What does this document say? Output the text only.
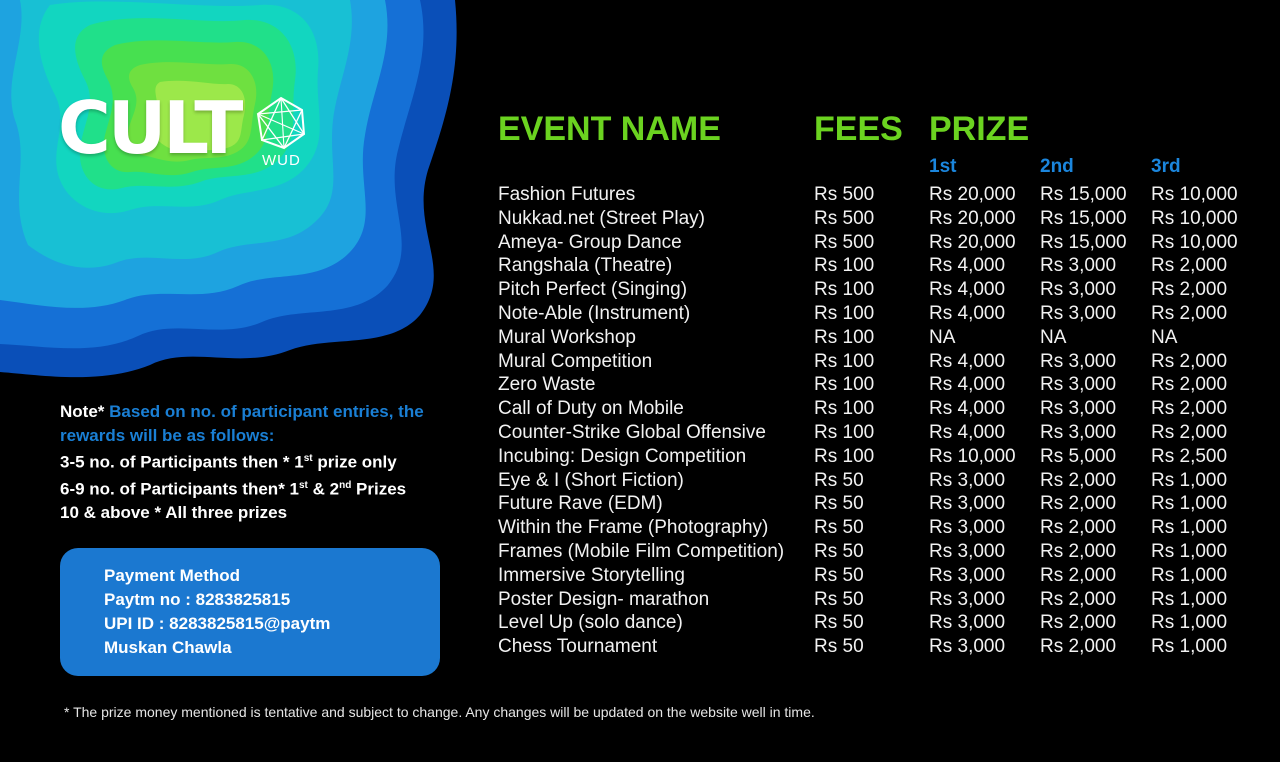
CULT WUD
Note* Based on no. of participant entries, the rewards will be as follows:
3-5 no. of Participants then * 1st prize only
6-9 no. of Participants then* 1st & 2nd Prizes
10 & above * All three prizes
Payment Method
Paytm no : 8283825815
UPI ID : 8283825815@paytm
Muskan Chawla
EVENT NAME	FEES PRIZE
1st	2nd	3rd
Fashion Futures	Rs 500	Rs 20,000 Rs 15,000 Rs 10,000
Nukkad.net (Street Play)	Rs 500	Rs 20,000 Rs 15,000 Rs 10,000
Ameya- Group Dance	Rs 500	Rs 20,000 Rs 15,000 Rs 10,000
Rangshala (Theatre)	Rs 100	Rs 4,000 Rs 3,000 Rs 2,000
Pitch Perfect (Singing)	Rs 100	Rs 4,000 Rs 3,000 Rs 2,000
Note-Able (Instrument)	Rs 100	Rs 4,000 Rs 3,000 Rs 2,000
Mural Workshop	Rs 100	NA	NA	NA
Mural Competition	Rs 100	Rs 4,000 Rs 3,000 Rs 2,000
Zero Waste	Rs 100	Rs 4,000 Rs 3,000 Rs 2,000
Call of Duty on Mobile	Rs 100	Rs 4,000 Rs 3,000 Rs 2,000
Counter-Strike Global Offensive	Rs 100	Rs 4,000 Rs 3,000 Rs 2,000
Incubing: Design Competition	Rs 100	Rs 10,000 Rs 5,000 Rs 2,500
Eye & I (Short Fiction)	Rs 50	Rs 3,000 Rs 2,000 Rs 1,000
Future Rave (EDM)	Rs 50	Rs 3,000 Rs 2,000 Rs 1,000
Within the Frame (Photography) Rs 50	Rs 3,000 Rs 2,000 Rs 1,000
Frames (Mobile Film Competition) Rs 50	Rs 3,000 Rs 2,000 Rs 1,000
Immersive Storytelling	Rs 50	Rs 3,000 Rs 2,000 Rs 1,000
Poster Design- marathon	Rs 50	Rs 3,000 Rs 2,000 Rs 1,000
Level Up (solo dance)	Rs 50	Rs 3,000 Rs 2,000 Rs 1,000
Chess Tournament	Rs 50	Rs 3,000 Rs 2,000 Rs 1,000
* The prize money mentioned is tentative and subject to change. Any changes will be updated on the website well in time.
